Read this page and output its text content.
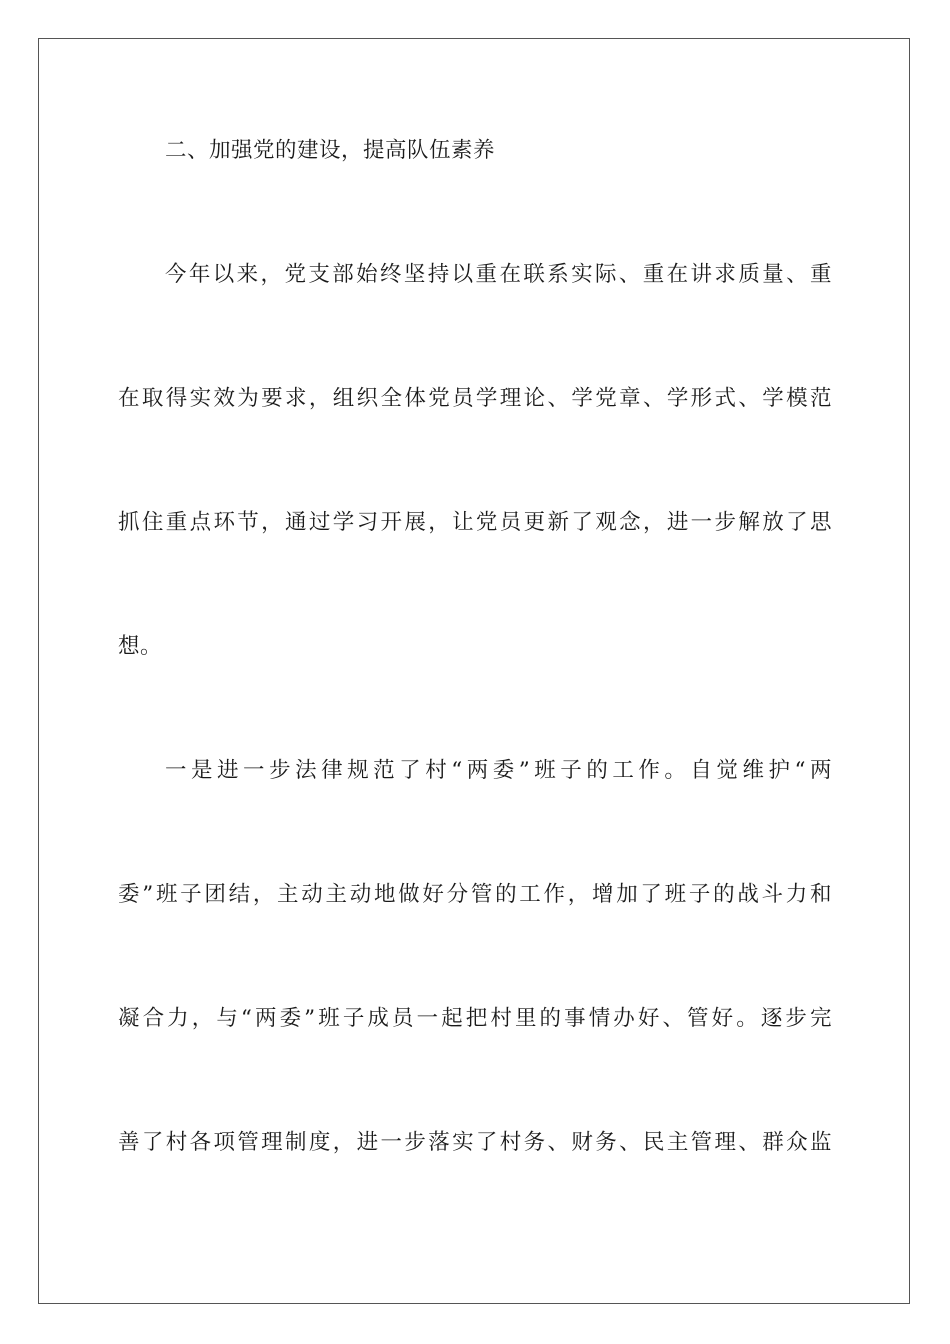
二、加强党的建设，提高队伍素养
今年以来，党支部始终坚持以重在联系实际、重在讲求质量、重
在取得实效为要求，组织全体党员学理论、学党章、学形式、学模范
抓住重点环节，通过学习开展，让党员更新了观念，进一步解放了思
想。
一是进一步法律规范了村“两委”班子的工作。自觉维护“两
委”班子团结，主动主动地做好分管的工作，增加了班子的战斗力和
凝合力，与“两委”班子成员一起把村里的事情办好、管好。逐步完
善了村各项管理制度，进一步落实了村务、财务、民主管理、群众监
